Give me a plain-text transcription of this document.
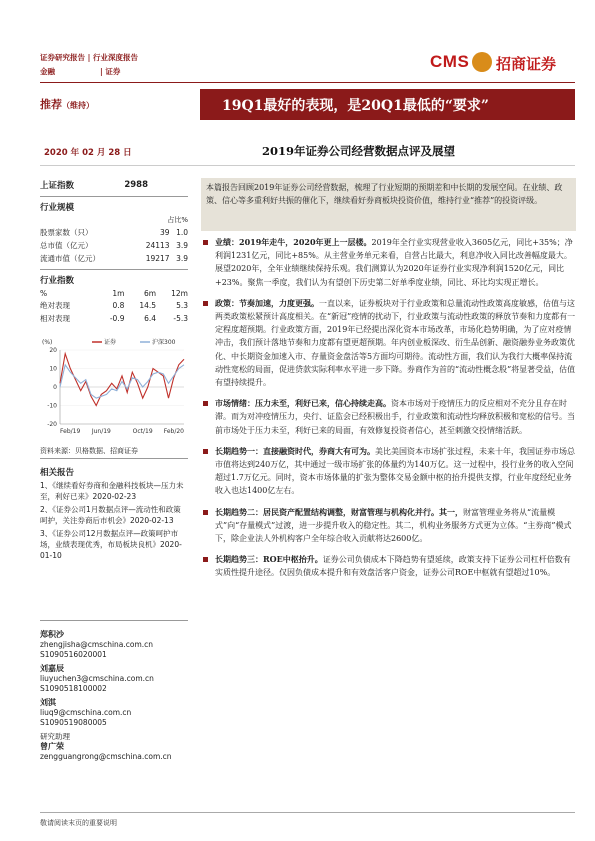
证券研究报告 | 行业深度报告
金融	| 证券
CMS 招商证券
推荐（维持）	19Q1最好的表现，是20Q1最低的“要求”
2020 年 02 月 28 日	2019年证券公司经营数据点评及展望
上证指数	2988
行业规模
占比%
股票家数（只）	39	1.0
总市值（亿元）	24113	3.9
流通市值（亿元）	19217	3.9
行业指数
%	1m	6m	12m
绝对表现	0.8	14.5	5.3
相对表现	-0.9	6.4	-5.3
(%)	证券	沪深300
20
10
0
-10
-20
Feb/19 Jun/19	Oct/19 Feb/20
资料来源：贝格数据、招商证券
相关报告
1、《继续看好券商和金融科技板块—压力未至，利好已来》2020-02-23
2、《证券公司1月数据点评—流动性和政策呵护，关注券商后市机会》2020-02-13
3、《证券公司12月数据点评—政策呵护市场，业绩表现优秀，布局板块良机》2020-01-10
郑积沙
zhengjisha@cmschina.com.cn
S1090516020001
刘嘉辰
liuyuchen3@cmschina.com.cn
S1090518100002
刘淇
liuq9@cmschina.com.cn
S1090519080005
研究助理
曾广荣
zengguangrong@cmschina.com.cn
本篇报告回顾2019年证券公司经营数据，梳理了行业短期的预期差和中长期的发展空间。在业绩、政策、信心等多重利好共振的催化下，继续看好券商板块投资价值，维持行业“推荐”的投资评级。
业绩：2019年走牛，2020年更上一层楼。2019年全行业实现营业收入3605亿元，同比+35%；净利润1231亿元，同比+85%。从主营业务单元来看，自营占比最大，利息净收入同比改善幅度最大。展望2020年，全年业绩继续保持乐观。我们测算认为2020年证券行业实现净利润1520亿元，同比+23%。聚焦一季度，我们认为有望创下历史第二好单季度业绩，同比、环比均实现正增长。
政策：节奏加速，力度更强。一直以来，证券板块对于行业政策和总量流动性政策高度敏感，估值与这两类政策松紧预计高度相关。在“新冠”疫情的扰动下，行业政策与流动性政策的释放节奏和力度都有一定程度超预期。行业政策方面，2019年已经提出深化资本市场改革，市场化趋势明确，为了应对疫情冲击，我们预计落地节奏和力度都有望更超预期。年内创业板深改、衍生品创新、融资融券业务政策优化、中长期资金加速入市、存量资金盘活等5方面均可期待。流动性方面，我们认为我行大概率保持流动性宽松的局面，促进贷款实际利率水平进一步下降。券商作为首的“流动性概念股”将显著受益，估值有望持续提升。
市场情绪：压力未至，利好已来，信心持续走高。资本市场对于疫情压力的反应相对不充分且存在时滞。而为对冲疫情压力，央行、证监会已经积极出手，行业政策和流动性均释放积极和宽松的信号。当前市场处于压力未至，利好已来的局面，有效修复投资者信心，甚至刺激交投情绪活跃。
长期趋势一：直接融资时代，券商大有可为。美比美国资本市场扩张过程，未来十年，我国证券市场总市值将达到240万亿，其中通过一级市场扩张的体量约为140万亿。这一过程中，投行业务的收入空间超过1.7万亿元。同时，资本市场体量的扩张为整体交易金额中枢的抬升提供支撑，行业年度经纪业务收入也达1400亿左右。
长期趋势二：居民资产配置结构调整，财富管理与机构化并行。其一，财富管理业务将从“流量模式”向“存量模式”过渡，进一步提升收入的稳定性。其二，机构业务服务方式更为立体。“主券商”模式下，除企业法人外机构客户全年综合收入贡献将达2600亿。
长期趋势三：ROE中枢抬升。证券公司负债成本下降趋势有望延续，政策支持下证券公司杠杆倍数有实质性提升途径。仅因负债成本提升和有效盘活客户资金，证券公司ROE中枢就有望超过10%。
敬请阅读末页的重要说明
